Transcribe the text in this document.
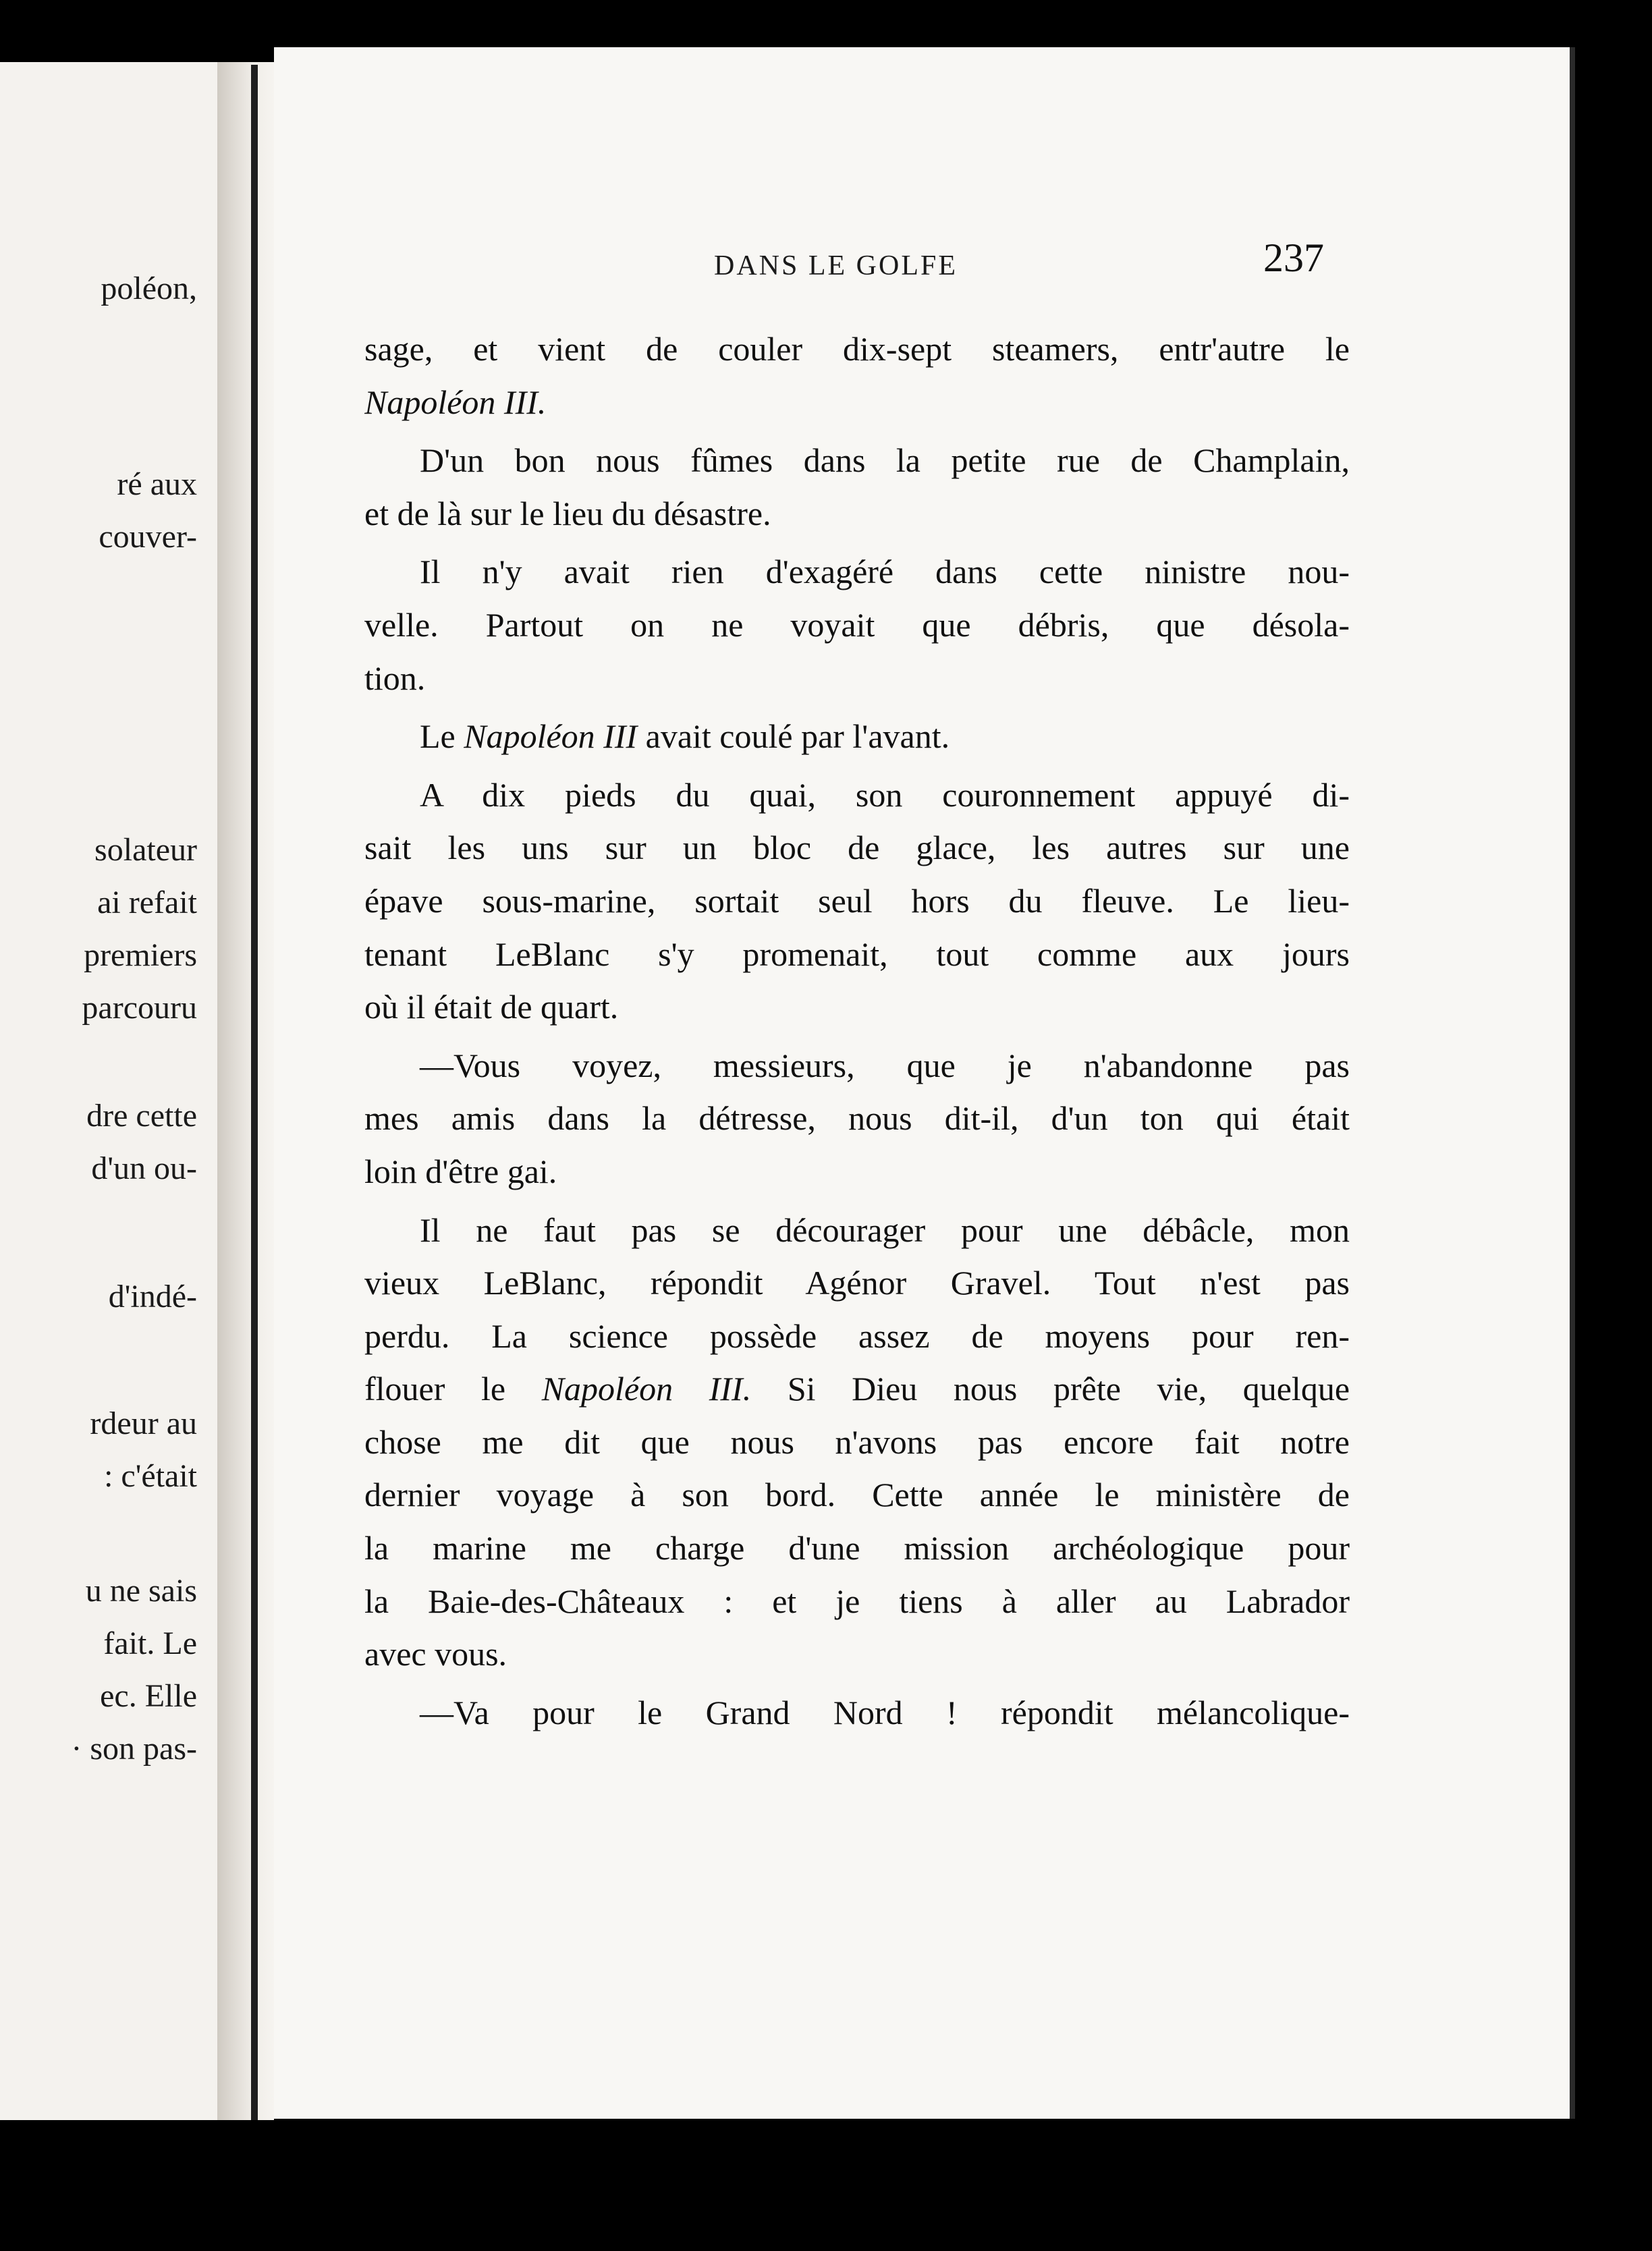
poléon,
ré aux
couver-
solateur
ai refait
premiers
parcouru
dre cette
d'un ou-
d'indé-
rdeur au
: c'était
u ne sais
fait. Le
ec. Elle
· son pas-
DANS LE GOLFE	237
sage, et vient de couler dix-sept steamers, entr'autre le
Napoléon III.
D'un bon nous fûmes dans la petite rue de Champlain,
et de là sur le lieu du désastre.
Il n'y avait rien d'exagéré dans cette ninistre nou-
velle. Partout on ne voyait que débris, que désola-
tion.
Le Napoléon III avait coulé par l'avant.
A dix pieds du quai, son couronnement appuyé di-
sait les uns sur un bloc de glace, les autres sur une
épave sous-marine, sortait seul hors du fleuve. Le lieu-
tenant LeBlanc s'y promenait, tout comme aux jours
où il était de quart.
—Vous voyez, messieurs, que je n'abandonne pas
mes amis dans la détresse, nous dit-il, d'un ton qui était
loin d'être gai.
Il ne faut pas se décourager pour une débâcle, mon
vieux LeBlanc, répondit Agénor Gravel. Tout n'est pas
perdu. La science possède assez de moyens pour ren-
flouer le Napoléon III. Si Dieu nous prête vie, quelque
chose me dit que nous n'avons pas encore fait notre
dernier voyage à son bord. Cette année le ministère de
la marine me charge d'une mission archéologique pour
la Baie-des-Châteaux : et je tiens à aller au Labrador
avec vous.
—Va pour le Grand Nord ! répondit mélancolique-
